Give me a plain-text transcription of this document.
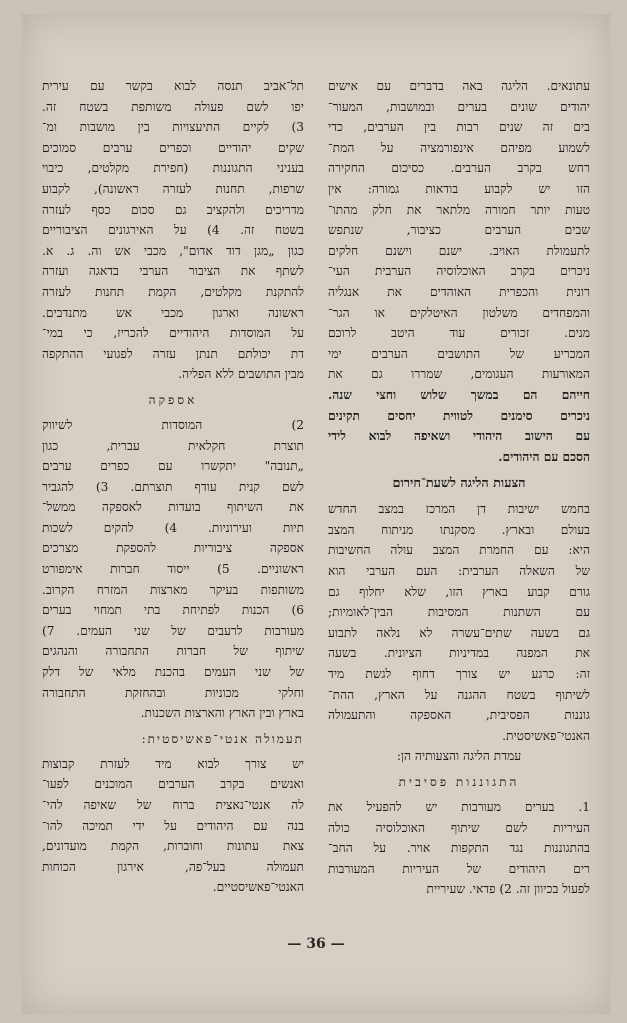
עתונאים. הליגה באה בדברים עם אישים
יהודים שונים בערים ובמושבות, המעור־
בים זה שנים רבות בין הערבים, כדי
לשמוע מפיהם אינפורמציה על המת־
רחש בקרב הערבים. כסיכום החקירה
הזו יש לקבוע בודאות גמורה: אין
טעות יותר חמורה מלתאר את חלק מהתו־
שבים הערבים כציבור, שנתפש
לתעמולת האויב. ישנם וישנם חלקים
ניכרים בקרב האוכלוסיה הערבית העי־
רונית והכפרית האוהדים את אנגליה
והמפחדים משלטון האיטלקים או הגר־
מנים. זכורים עוד היטב לרוכם
המכריע של התושבים הערבים ימי
המאורעות העגומים, שמררו גם את
חייהם הם במשך שלוש וחצי שנה.
ניכרים סימנים לטווית יחסים תקינים
עם הישוב היהודי ושאיפה לבוא לידי
הסכם עם היהודים.
הצעות הליגה לשעת־חירום
בחמש ישיבות דן המרכז במצב החדש
בעולם ובארץ. מסקנתו מניתוח המצב
היא: עם החמרת המצב עולה החשיבות
של השאלה הערבית: העם הערבי הוא
גורם קבוע בארץ הזו, שלא יחלוף גם
עם השתנות המסיבות הבין־לאומיות;
גם בשעה שתים־עשרה לא נלאה לתבוע
את המפנה במדיניות הציונית. בשעה
זה: כרגע יש צורך דחוף לגשת מיד
לשיתוף בשטח ההגנה על הארץ, ההת־
גוננות הפסיבית, האספקה והתעמולה
האנטי־פאשיסטית.
עמדת הליגה והצעותיה הן:
התגוננות פסיבית
1. בערים מעורבות יש להפעיל את
העיריות לשם שיתוף האוכלוסיה כולה
בהתגוננות נגד התקפות אויר. על החב־
רים היהודים של העיריות המעורבות
לפעול בכיוון זה. 2) פדאי. שעיריית
תל־אביב תנסה לבוא בקשר עם עירית
יפו לשם פעולה משותפת בשטח זה.
3) לקיים התיעצויות בין מושבות ומ־
שקים יהודיים וכפרים ערבים סמוכים
בעניני התגוננות (חפירת מקלטים, כיבוי
שרפות, תחנות לעזרה ראשונה), לקבוע
מדריכים ולהקציב גם סכום כסף לעזרה
בשטח זה. 4) על האירגונים הציבוריים
כגון „מגן דוד אדום", מכבי אש וה. ג. א.
לשתף את הציבור הערבי בדאגה ועזרה
להתקנת מקלטים, הקמת תחנות לעזרה
ראשונה וארגון מכבי אש מתנדבים.
על המוסדות היהודיים להכריז, כי במי־
דת יכולתם תנתן עזרה לפגועי ההתקפה
מבין התושבים ללא הפליה.
אספקה
2) המוסדות לשיווק
תוצרת חקלאית עברית, כגון
„תנובה" יתקשרו עם כפרים ערבים
לשם קנית עודף תוצרתם. 3) להגביר
את השיתוף בועדות לאספקה ממשל־
תיות ועירוניות. 4) להקים לשכות
אספקה ציבוריות להספקת מצרכים
ראשוניים. 5) ייסוד חברות אימפורט
משותפות בעיקר מארצות המזרח הקרוב.
6) הכנות לפתיחת בתי תמחוי בערים
מעורבות לרעבים של שני העמים. 7)
שיתוף של חברות התחבורה והנהגים
של שני העמים בהכנת מלאי של דלק
וחלקי מכוניות ובהחזקת התחבורה
בארץ ובין הארץ והארצות השכנות.
תעמולה אנטי־פאשיסטית:
יש צורך לבוא מיד לעזרת קבוצות
ואנשים בקרב הערבים המוכנים לפעו־
לה אנטי־נאצית ברוח של שאיפה להי־
בנה עם היהודים על ידי תמיכה להו־
צאת עתונות וחוברות, הקמת מועדונים,
תעמולה בעל־פה, אירגון הכוחות
האנטי־פאשיסטיים.
— 36 —
